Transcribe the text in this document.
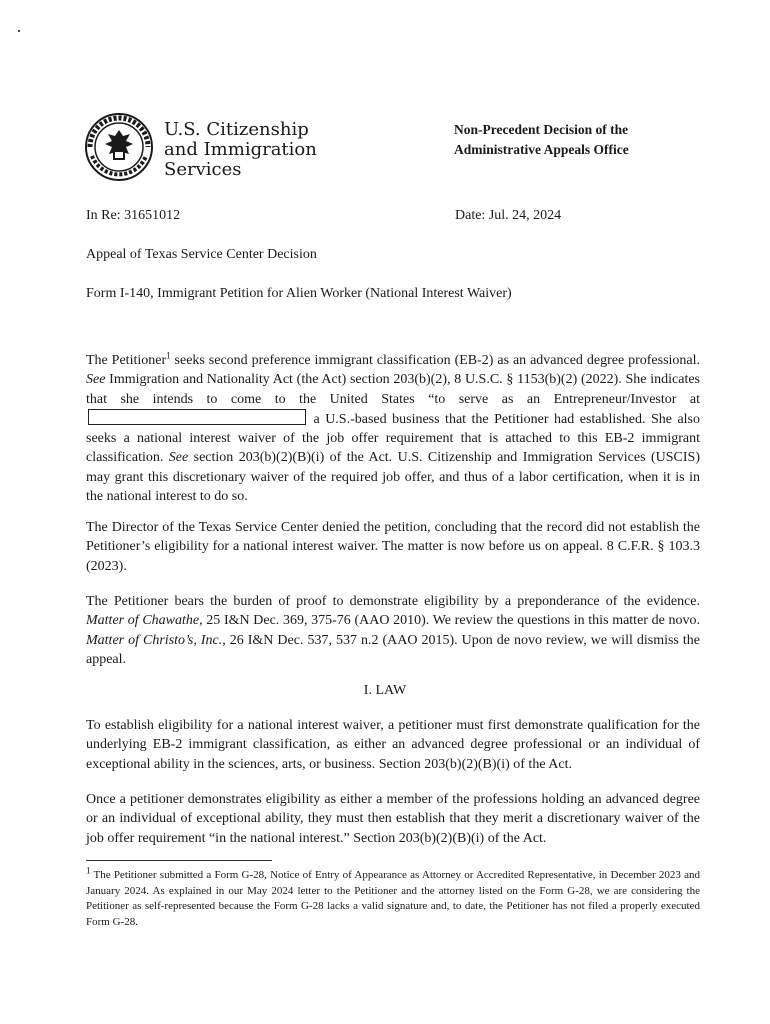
U.S. Citizenship
and Immigration
Services
Non-Precedent Decision of the
Administrative Appeals Office
In Re: 31651012	Date: Jul. 24, 2024
Appeal of Texas Service Center Decision
Form I-140, Immigrant Petition for Alien Worker (National Interest Waiver)

The Petitioner$^1$ seeks second preference immigrant classification (EB-2) as an advanced degree professional. See Immigration and Nationality Act (the Act) section 203(b)(2), 8 U.S.C. § 1153(b)(2) (2022). She indicates that she intends to come to the United States “to serve as an Entrepreneur/Investor at a U.S.-based business that the Petitioner had established. She also seeks a national interest waiver of the job offer requirement that is attached to this EB-2 immigrant classification. See section 203(b)(2)(B)(i) of the Act. U.S. Citizenship and Immigration Services (USCIS) may grant this discretionary waiver of the required job offer, and thus of a labor certification, when it is in the national interest to do so.

The Director of the Texas Service Center denied the petition, concluding that the record did not establish the Petitioner’s eligibility for a national interest waiver. The matter is now before us on appeal. 8 C.F.R. § 103.3 (2023).

The Petitioner bears the burden of proof to demonstrate eligibility by a preponderance of the evidence. Matter of Chawathe, 25 I&N Dec. 369, 375-76 (AAO 2010). We review the questions in this matter de novo. Matter of Christo’s, Inc., 26 I&N Dec. 537, 537 n.2 (AAO 2015). Upon de novo review, we will dismiss the appeal.

I. LAW

To establish eligibility for a national interest waiver, a petitioner must first demonstrate qualification for the underlying EB-2 immigrant classification, as either an advanced degree professional or an individual of exceptional ability in the sciences, arts, or business. Section 203(b)(2)(B)(i) of the Act.

Once a petitioner demonstrates eligibility as either a member of the professions holding an advanced degree or an individual of exceptional ability, they must then establish that they merit a discretionary waiver of the job offer requirement “in the national interest.” Section 203(b)(2)(B)(i) of the Act.

$^1$ The Petitioner submitted a Form G-28, Notice of Entry of Appearance as Attorney or Accredited Representative, in December 2023 and January 2024. As explained in our May 2024 letter to the Petitioner and the attorney listed on the Form G-28, we are considering the Petitioner as self-represented because the Form G-28 lacks a valid signature and, to date, the Petitioner has not filed a properly executed Form G-28.
